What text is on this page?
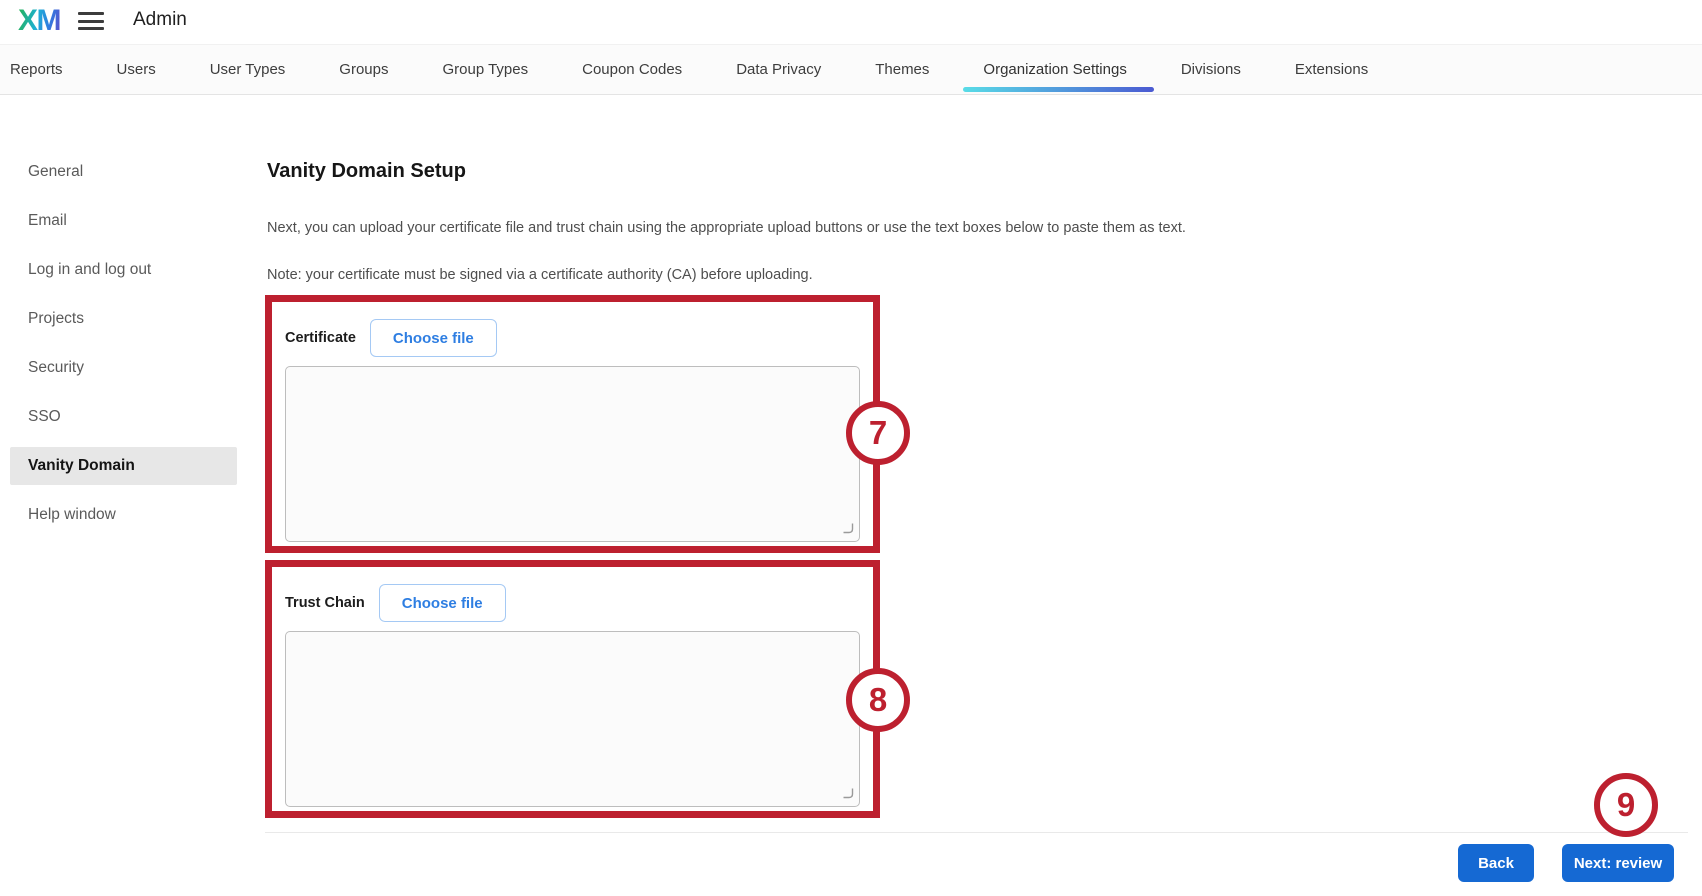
XM	Admin
Reports	Users	User Types	Groups	Group Types	Coupon Codes	Data Privacy	Themes	Organization Settings	Divisions	Extensions
General
Email
Log in and log out
Projects
Security
SSO
Vanity Domain
Help window
Vanity Domain Setup
Next, you can upload your certificate file and trust chain using the appropriate upload buttons or use the text boxes below to paste them as text.
Note: your certificate must be signed via a certificate authority (CA) before uploading.
Certificate	Choose file
7
Trust Chain	Choose file
8
9
Back	Next: review
